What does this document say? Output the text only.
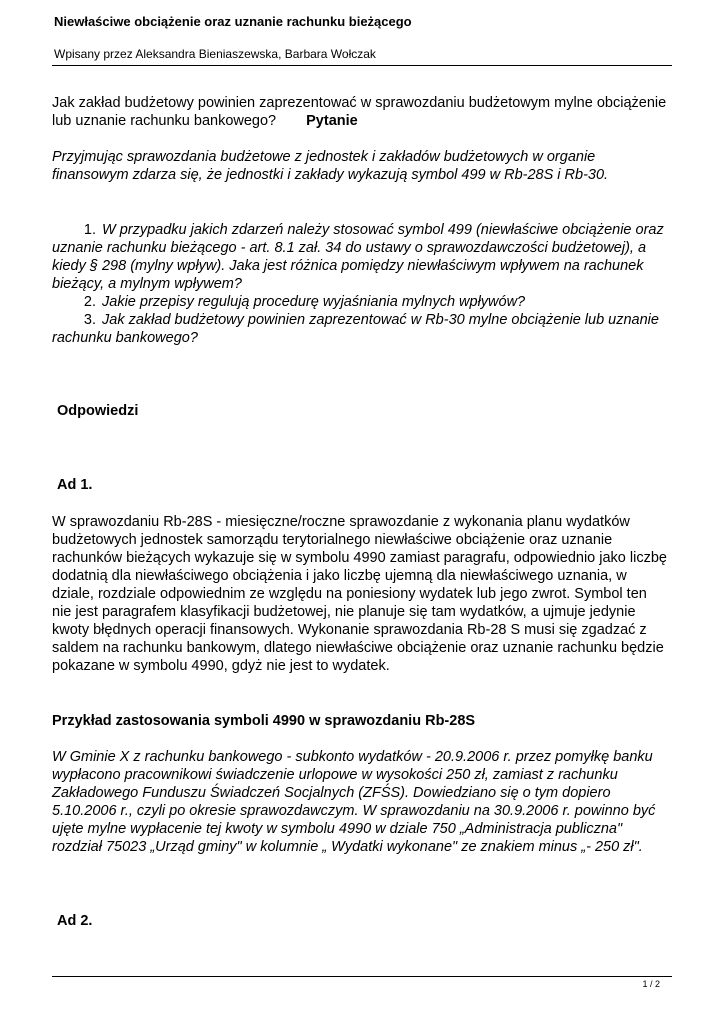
Niewłaściwe obciążenie oraz uznanie rachunku bieżącego
Wpisany przez Aleksandra Bieniaszewska, Barbara Wołczak
Jak zakład budżetowy powinien zaprezentować w sprawozdaniu budżetowym mylne obciążenie
lub uznanie rachunku bankowego? Pytanie
Przyjmując sprawozdania budżetowe z jednostek i zakładów budżetowych w organie
finansowym zdarza się, że jednostki i zakłady wykazują symbol 499 w Rb-28S i Rb-30.
1. W przypadku jakich zdarzeń należy stosować symbol 499 (niewłaściwe obciążenie oraz
uznanie rachunku bieżącego - art. 8.1 zał. 34 do ustawy o sprawozdawczości budżetowej), a
kiedy § 298 (mylny wpływ). Jaka jest różnica pomiędzy niewłaściwym wpływem na rachunek
bieżący, a mylnym wpływem?
2. Jakie przepisy regulują procedurę wyjaśniania mylnych wpływów?
3. Jak zakład budżetowy powinien zaprezentować w Rb-30 mylne obciążenie lub uznanie
rachunku bankowego?
Odpowiedzi
Ad 1.
W sprawozdaniu Rb-28S - miesięczne/roczne sprawozdanie z wykonania planu wydatków
budżetowych jednostek samorządu terytorialnego niewłaściwe obciążenie oraz uznanie
rachunków bieżących wykazuje się w symbolu 4990 zamiast paragrafu, odpowiednio jako liczbę
dodatnią dla niewłaściwego obciążenia i jako liczbę ujemną dla niewłaściwego uznania, w
dziale, rozdziale odpowiednim ze względu na poniesiony wydatek lub jego zwrot. Symbol ten
nie jest paragrafem klasyfikacji budżetowej, nie planuje się tam wydatków, a ujmuje jedynie
kwoty błędnych operacji finansowych. Wykonanie sprawozdania Rb-28 S musi się zgadzać z
saldem na rachunku bankowym, dlatego niewłaściwe obciążenie oraz uznanie rachunku będzie
pokazane w symbolu 4990, gdyż nie jest to wydatek.
Przykład zastosowania symboli 4990 w sprawozdaniu Rb-28S
W Gminie X z rachunku bankowego - subkonto wydatków - 20.9.2006 r. przez pomyłkę banku
wypłacono pracownikowi świadczenie urlopowe w wysokości 250 zł, zamiast z rachunku
Zakładowego Funduszu Świadczeń Socjalnych (ZFŚS). Dowiedziano się o tym dopiero
5.10.2006 r., czyli po okresie sprawozdawczym. W sprawozdaniu na 30.9.2006 r. powinno być
ujęte mylne wypłacenie tej kwoty w symbolu 4990 w dziale 750 „Administracja publiczna"
rozdział 75023 „Urząd gminy" w kolumnie „ Wydatki wykonane" ze znakiem minus „- 250 zł".
Ad 2.
1 / 2
